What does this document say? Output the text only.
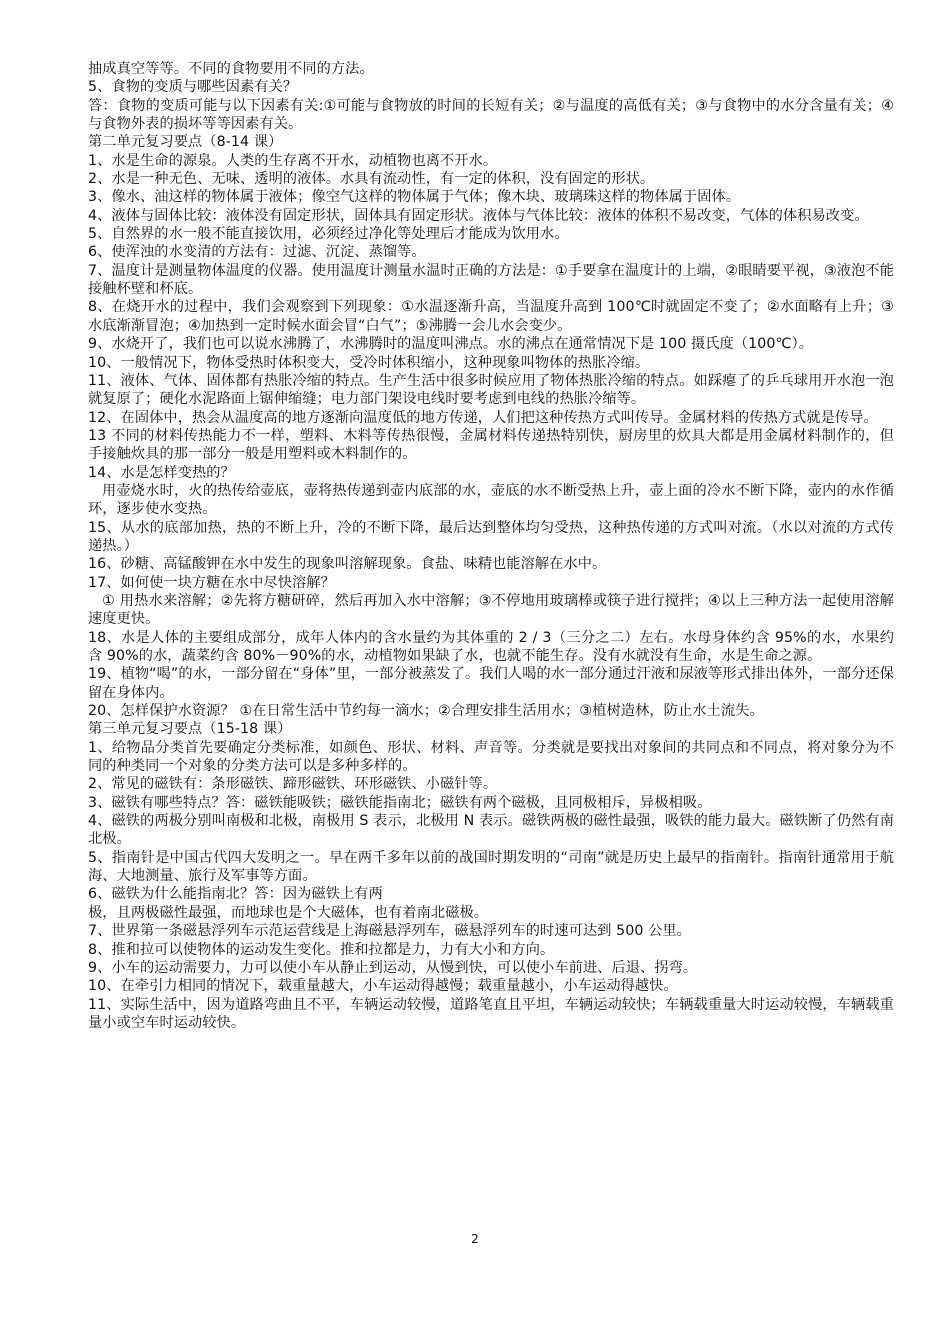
抽成真空等等。不同的食物要用不同的方法。

5、食物的变质与哪些因素有关？

答：食物的变质可能与以下因素有关:①可能与食物放的时间的长短有关；②与温度的高低有关；③与食物中的水分含量有关；④与食物外表的损坏等等因素有关。

第二单元复习要点（8-14 课）

1、水是生命的源泉。人类的生存离不开水，动植物也离不开水。

2、水是一种无色、无味、透明的液体。水具有流动性，有一定的体积，没有固定的形状。

3、像水、油这样的物体属于液体；像空气这样的物体属于气体；像木块、玻璃珠这样的物体属于固体。

4、液体与固体比较：液体没有固定形状，固体具有固定形状。液体与气体比较：液体的体积不易改变，气体的体积易改变。

5、自然界的水一般不能直接饮用，必须经过净化等处理后才能成为饮用水。

6、使浑浊的水变清的方法有：过滤、沉淀、蒸馏等。

7、温度计是测量物体温度的仪器。使用温度计测量水温时正确的方法是：①手要拿在温度计的上端，②眼睛要平视，③液泡不能接触杯壁和杯底。

8、在烧开水的过程中，我们会观察到下列现象：①水温逐渐升高，当温度升高到 100℃时就固定不变了；②水面略有上升；③水底渐渐冒泡；④加热到一定时候水面会冒“白气”；⑤沸腾一会儿水会变少。

9、水烧开了，我们也可以说水沸腾了，水沸腾时的温度叫沸点。水的沸点在通常情况下是 100 摄氏度（100℃）。

10、一般情况下，物体受热时体积变大，受冷时体积缩小，这种现象叫物体的热胀冷缩。

11、液体、气体、固体都有热胀冷缩的特点。生产生活中很多时候应用了物体热胀冷缩的特点。如踩瘪了的乒乓球用开水泡一泡就复原了；硬化水泥路面上锯伸缩缝；电力部门架设电线时要考虑到电线的热胀冷缩等。

12、在固体中，热会从温度高的地方逐渐向温度低的地方传递，人们把这种传热方式叫传导。金属材料的传热方式就是传导。

13 不同的材料传热能力不一样，塑料、木料等传热很慢，金属材料传递热特别快，厨房里的炊具大都是用金属材料制作的，但手接触炊具的那一部分一般是用塑料或木料制作的。

14、水是怎样变热的？

用壶烧水时，火的热传给壶底，壶将热传递到壶内底部的水，壶底的水不断受热上升，壶上面的冷水不断下降，壶内的水作循环，逐步使水变热。

15、从水的底部加热，热的不断上升，冷的不断下降，最后达到整体均匀受热，这种热传递的方式叫对流。（水以对流的方式传递热。）

16、砂糖、高锰酸钾在水中发生的现象叫溶解现象。食盐、味精也能溶解在水中。

17、如何使一块方糖在水中尽快溶解？

① 用热水来溶解；②先将方糖研碎，然后再加入水中溶解；③不停地用玻璃棒或筷子进行搅拌；④以上三种方法一起使用溶解速度更快。

18、水是人体的主要组成部分，成年人体内的含水量约为其体重的 2 / 3（三分之二）左右。水母身体约含 95%的水，水果约含 90%的水，蔬菜约含 80%－90%的水，动植物如果缺了水，也就不能生存。没有水就没有生命，水是生命之源。

19、植物“喝”的水，一部分留在“身体”里，一部分被蒸发了。我们人喝的水一部分通过汗液和尿液等形式排出体外，一部分还保留在身体内。

20、怎样保护水资源？ ①在日常生活中节约每一滴水；②合理安排生活用水；③植树造林，防止水土流失。

第三单元复习要点（15-18 课）

1、给物品分类首先要确定分类标准，如颜色、形状、材料、声音等。分类就是要找出对象间的共同点和不同点，将对象分为不同的种类同一个对象的分类方法可以是多种多样的。

2、常见的磁铁有：条形磁铁、蹄形磁铁、环形磁铁、小磁针等。

3、磁铁有哪些特点？答：磁铁能吸铁；磁铁能指南北；磁铁有两个磁极，且同极相斥，异极相吸。

4、磁铁的两极分别叫南极和北极，南极用 S 表示，北极用 N 表示。磁铁两极的磁性最强，吸铁的能力最大。磁铁断了仍然有南北极。

5、指南针是中国古代四大发明之一。早在两千多年以前的战国时期发明的“司南”就是历史上最早的指南针。指南针通常用于航海、大地测量、旅行及军事等方面。

6、磁铁为什么能指南北？答：因为磁铁上有两

极，且两极磁性最强，而地球也是个大磁体，也有着南北磁极。

7、世界第一条磁悬浮列车示范运营线是上海磁悬浮列车，磁悬浮列车的时速可达到 500 公里。

8、推和拉可以使物体的运动发生变化。推和拉都是力，力有大小和方向。

9、小车的运动需要力，力可以使小车从静止到运动，从慢到快，可以使小车前进、后退、拐弯。

10、在牵引力相同的情况下，载重量越大，小车运动得越慢；载重量越小，小车运动得越快。

11、实际生活中，因为道路弯曲且不平，车辆运动较慢，道路笔直且平坦，车辆运动较快；车辆载重量大时运动较慢，车辆载重量小或空车时运动较快。

2
